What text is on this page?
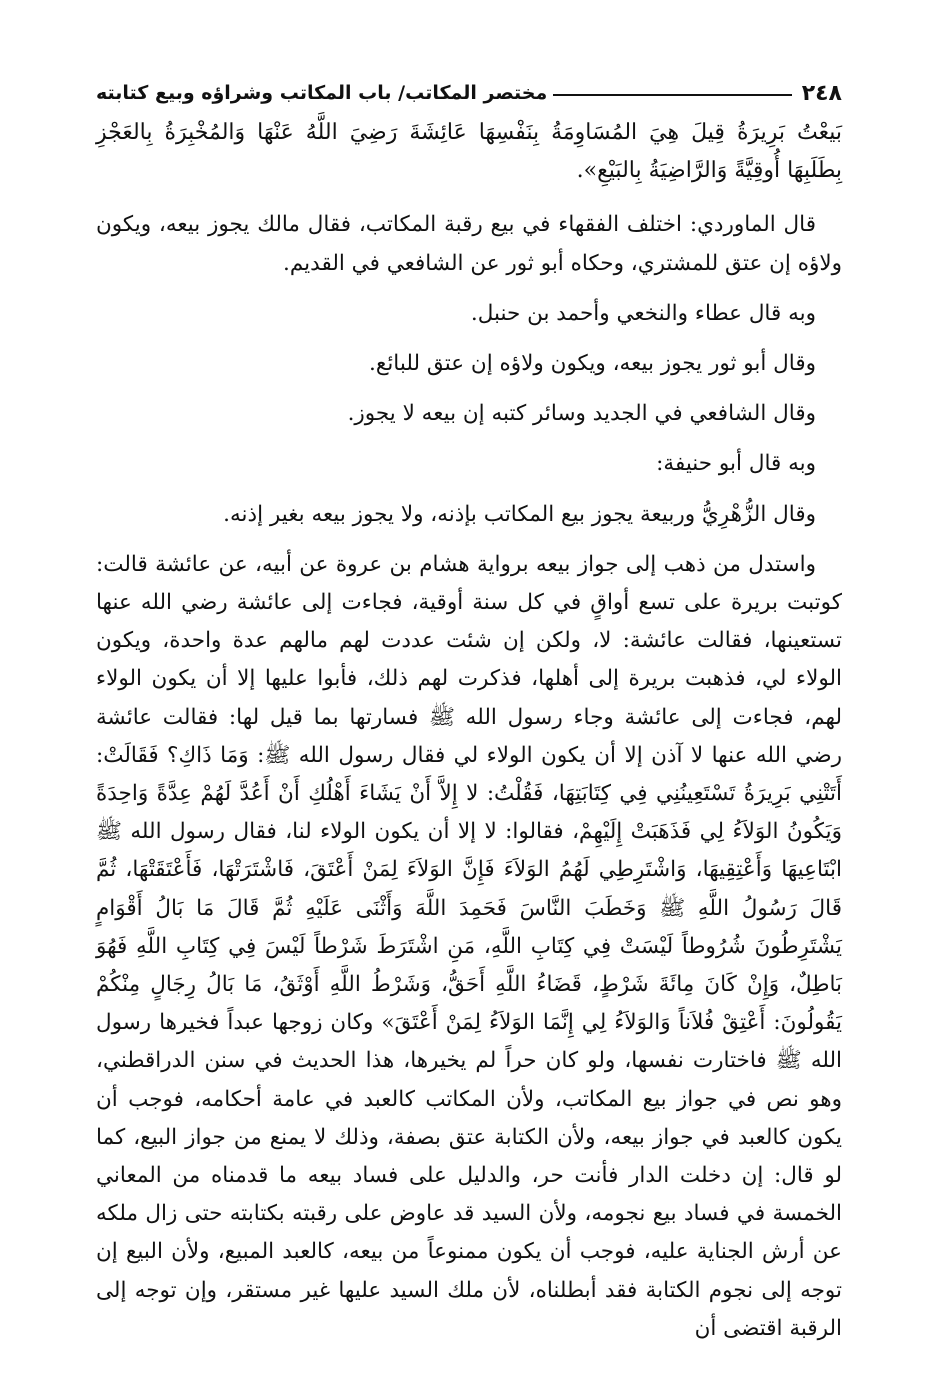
٢٤٨
مختصر المكاتب/ باب المكاتب وشراؤه وبيع كتابته

بَيعْتُ بَرِيرَةُ قِيلَ هِيَ المُسَاوِمَةُ بِنَفْسِهَا عَائِشَةَ رَضِيَ اللَّهُ عَنْهَا وَالمُخْبِرَةُ بِالعَجْزِ بِطَلَبِهَا أُوقِيَّةً وَالرَّاضِيَةُ بِالبَيْعِ».

قال الماوردي: اختلف الفقهاء في بيع رقبة المكاتب، فقال مالك يجوز بيعه، ويكون ولاؤه إن عتق للمشتري، وحكاه أبو ثور عن الشافعي في القديم.

وبه قال عطاء والنخعي وأحمد بن حنبل.

وقال أبو ثور يجوز بيعه، ويكون ولاؤه إن عتق للبائع.

وقال الشافعي في الجديد وسائر كتبه إن بيعه لا يجوز.

وبه قال أبو حنيفة:

وقال الزُّهْرِيُّ وربيعة يجوز بيع المكاتب بإذنه، ولا يجوز بيعه بغير إذنه.

واستدل من ذهب إلى جواز بيعه برواية هشام بن عروة عن أبيه، عن عائشة قالت: كوتبت بريرة على تسع أواقٍ في كل سنة أوقية، فجاءت إلى عائشة رضي الله عنها تستعينها، فقالت عائشة: لا، ولكن إن شئت عددت لهم مالهم عدة واحدة، ويكون الولاء لي، فذهبت بريرة إلى أهلها، فذكرت لهم ذلك، فأبوا عليها إلا أن يكون الولاء لهم، فجاءت إلى عائشة وجاء رسول الله ﷺ فسارتها بما قيل لها: فقالت عائشة رضي الله عنها لا آذن إلا أن يكون الولاء لي فقال رسول الله ﷺ: وَمَا ذَاكِ؟ فَقَالَتْ: أَتَتْنِي بَرِيرَةُ تَسْتَعِينُنِي فِي كِتَابَتِهَا، فَقُلْتُ: لا إِلاَّ أَنْ يَشَاءَ أَهْلُكِ أَنْ أَعُدَّ لَهُمْ عِدَّةً وَاحِدَةً وَيَكُونُ الوَلاَءُ لِي فَذَهَبَتْ إِلَيْهِمْ، فقالوا: لا إلا أن يكون الولاء لنا، فقال رسول الله ﷺ ابْتَاعِيهَا وَأَعْتِقِيهَا، وَاشْتَرِطِي لَهُمُ الوَلاَءَ فَإِنَّ الوَلاَءَ لِمَنْ أَعْتَقَ، فَاشْتَرَتْهَا، فَأَعْتَقَتْهَا، ثُمَّ قَالَ رَسُولُ اللَّهِ ﷺ وَخَطَبَ النَّاسَ فَحَمِدَ اللَّهَ وَأَثْنَى عَلَيْهِ ثُمَّ قَالَ مَا بَالُ أَقْوَامٍ يَشْتَرِطُونَ شُرُوطاً لَيْسَتْ فِي كِتَابِ اللَّهِ، مَنِ اشْتَرَطَ شَرْطاً لَيْسَ فِي كِتَابِ اللَّهِ فَهُوَ بَاطِلٌ، وَإِنْ كَانَ مِائَةَ شَرْطٍ، قَضَاءُ اللَّهِ أَحَقُّ، وَشَرْطُ اللَّهِ أَوْثَقُ، مَا بَالُ رِجَالٍ مِنْكُمْ يَقُولُونَ: أَعْتِقْ فُلاَناً وَالوَلاَءُ لِي إِنَّمَا الوَلاَءُ لِمَنْ أَعْتَقَ» وكان زوجها عبداً فخيرها رسول الله ﷺ فاختارت نفسها، ولو كان حراً لم يخيرها، هذا الحديث في سنن الدراقطني، وهو نص في جواز بيع المكاتب، ولأن المكاتب كالعبد في عامة أحكامه، فوجب أن يكون كالعبد في جواز بيعه، ولأن الكتابة عتق بصفة، وذلك لا يمنع من جواز البيع، كما لو قال: إن دخلت الدار فأنت حر، والدليل على فساد بيعه ما قدمناه من المعاني الخمسة في فساد بيع نجومه، ولأن السيد قد عاوض على رقبته بكتابته حتى زال ملكه عن أرش الجناية عليه، فوجب أن يكون ممنوعاً من بيعه، كالعبد المبيع، ولأن البيع إن توجه إلى نجوم الكتابة فقد أبطلناه، لأن ملك السيد عليها غير مستقر، وإن توجه إلى الرقبة اقتضى أن
